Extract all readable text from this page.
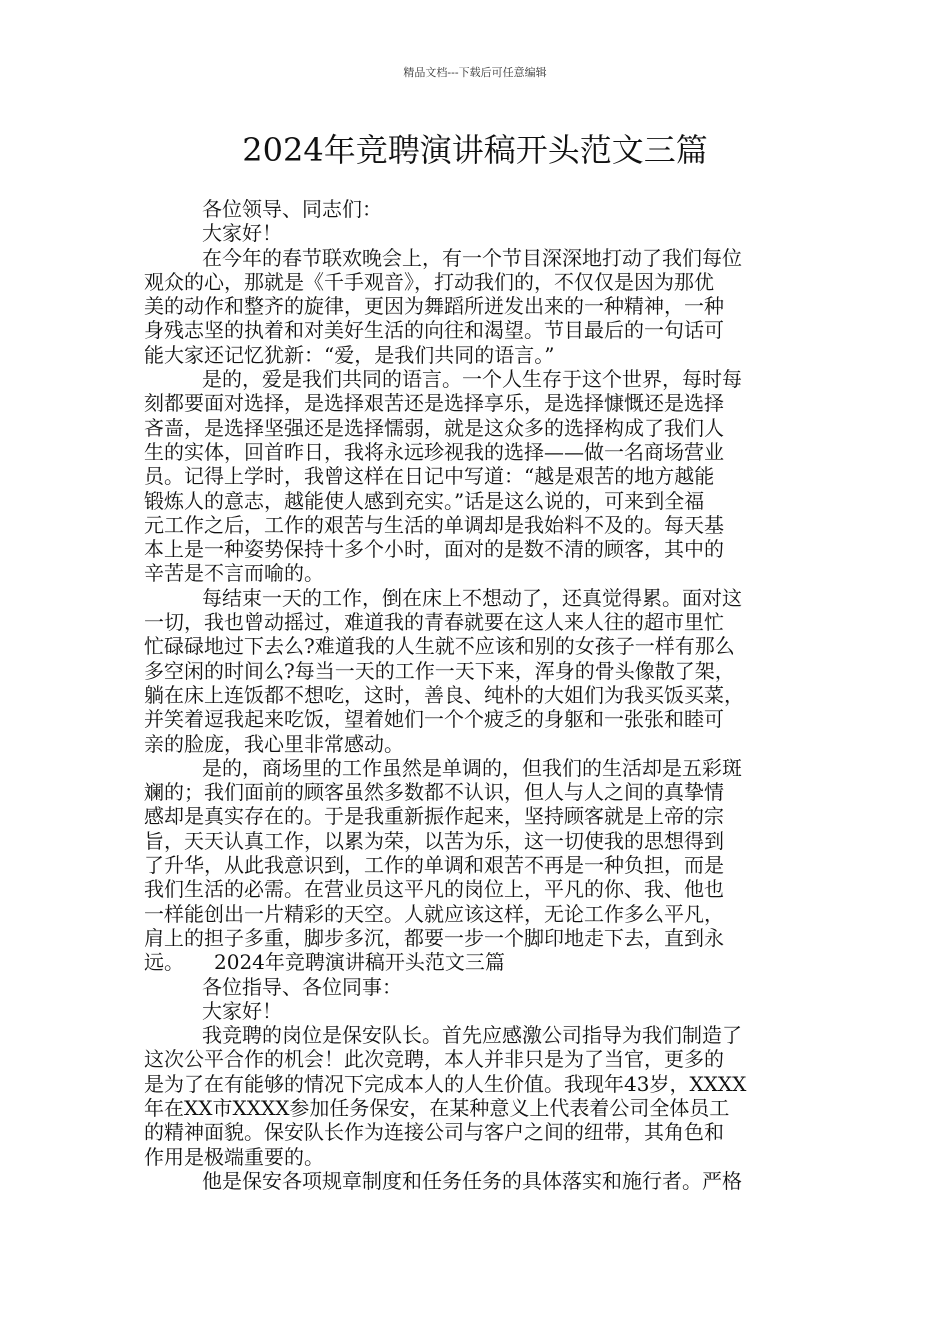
精品文档---下载后可任意编辑
2024年竞聘演讲稿开头范文三篇
各位领导、同志们：
大家好！
在今年的春节联欢晚会上，有一个节目深深地打动了我们每位
观众的心，那就是《千手观音》，打动我们的，不仅仅是因为那优
美的动作和整齐的旋律，更因为舞蹈所迸发出来的一种精神，一种
身残志坚的执着和对美好生活的向往和渴望。节目最后的一句话可
能大家还记忆犹新：“爱，是我们共同的语言。”
是的，爱是我们共同的语言。一个人生存于这个世界，每时每
刻都要面对选择，是选择艰苦还是选择享乐，是选择慷慨还是选择
吝啬，是选择坚强还是选择懦弱，就是这众多的选择构成了我们人
生的实体，回首昨日，我将永远珍视我的选择——做一名商场营业
员。记得上学时，我曾这样在日记中写道：“越是艰苦的地方越能
锻炼人的意志，越能使人感到充实。”话是这么说的，可来到全福
元工作之后，工作的艰苦与生活的单调却是我始料不及的。每天基
本上是一种姿势保持十多个小时，面对的是数不清的顾客，其中的
辛苦是不言而喻的。
每结束一天的工作，倒在床上不想动了，还真觉得累。面对这
一切，我也曾动摇过，难道我的青春就要在这人来人往的超市里忙
忙碌碌地过下去么?难道我的人生就不应该和别的女孩子一样有那么
多空闲的时间么?每当一天的工作一天下来，浑身的骨头像散了架，
躺在床上连饭都不想吃，这时，善良、纯朴的大姐们为我买饭买菜，
并笑着逗我起来吃饭，望着她们一个个疲乏的身躯和一张张和睦可
亲的脸庞，我心里非常感动。
是的，商场里的工作虽然是单调的，但我们的生活却是五彩斑
斓的；我们面前的顾客虽然多数都不认识，但人与人之间的真挚情
感却是真实存在的。于是我重新振作起来，坚持顾客就是上帝的宗
旨，天天认真工作，以累为荣，以苦为乐，这一切使我的思想得到
了升华，从此我意识到，工作的单调和艰苦不再是一种负担，而是
我们生活的必需。在营业员这平凡的岗位上，平凡的你、我、他也
一样能创出一片精彩的天空。人就应该这样，无论工作多么平凡，
肩上的担子多重，脚步多沉，都要一步一个脚印地走下去，直到永
远。　　2024年竞聘演讲稿开头范文三篇
各位指导、各位同事：
大家好！
我竞聘的岗位是保安队长。首先应感激公司指导为我们制造了
这次公平合作的机会！此次竞聘，本人并非只是为了当官，更多的
是为了在有能够的情况下完成本人的人生价值。我现年43岁，XXXX
年在XX市XXXX参加任务保安，在某种意义上代表着公司全体员工
的精神面貌。保安队长作为连接公司与客户之间的纽带，其角色和
作用是极端重要的。
他是保安各项规章制度和任务任务的具体落实和施行者。严格
